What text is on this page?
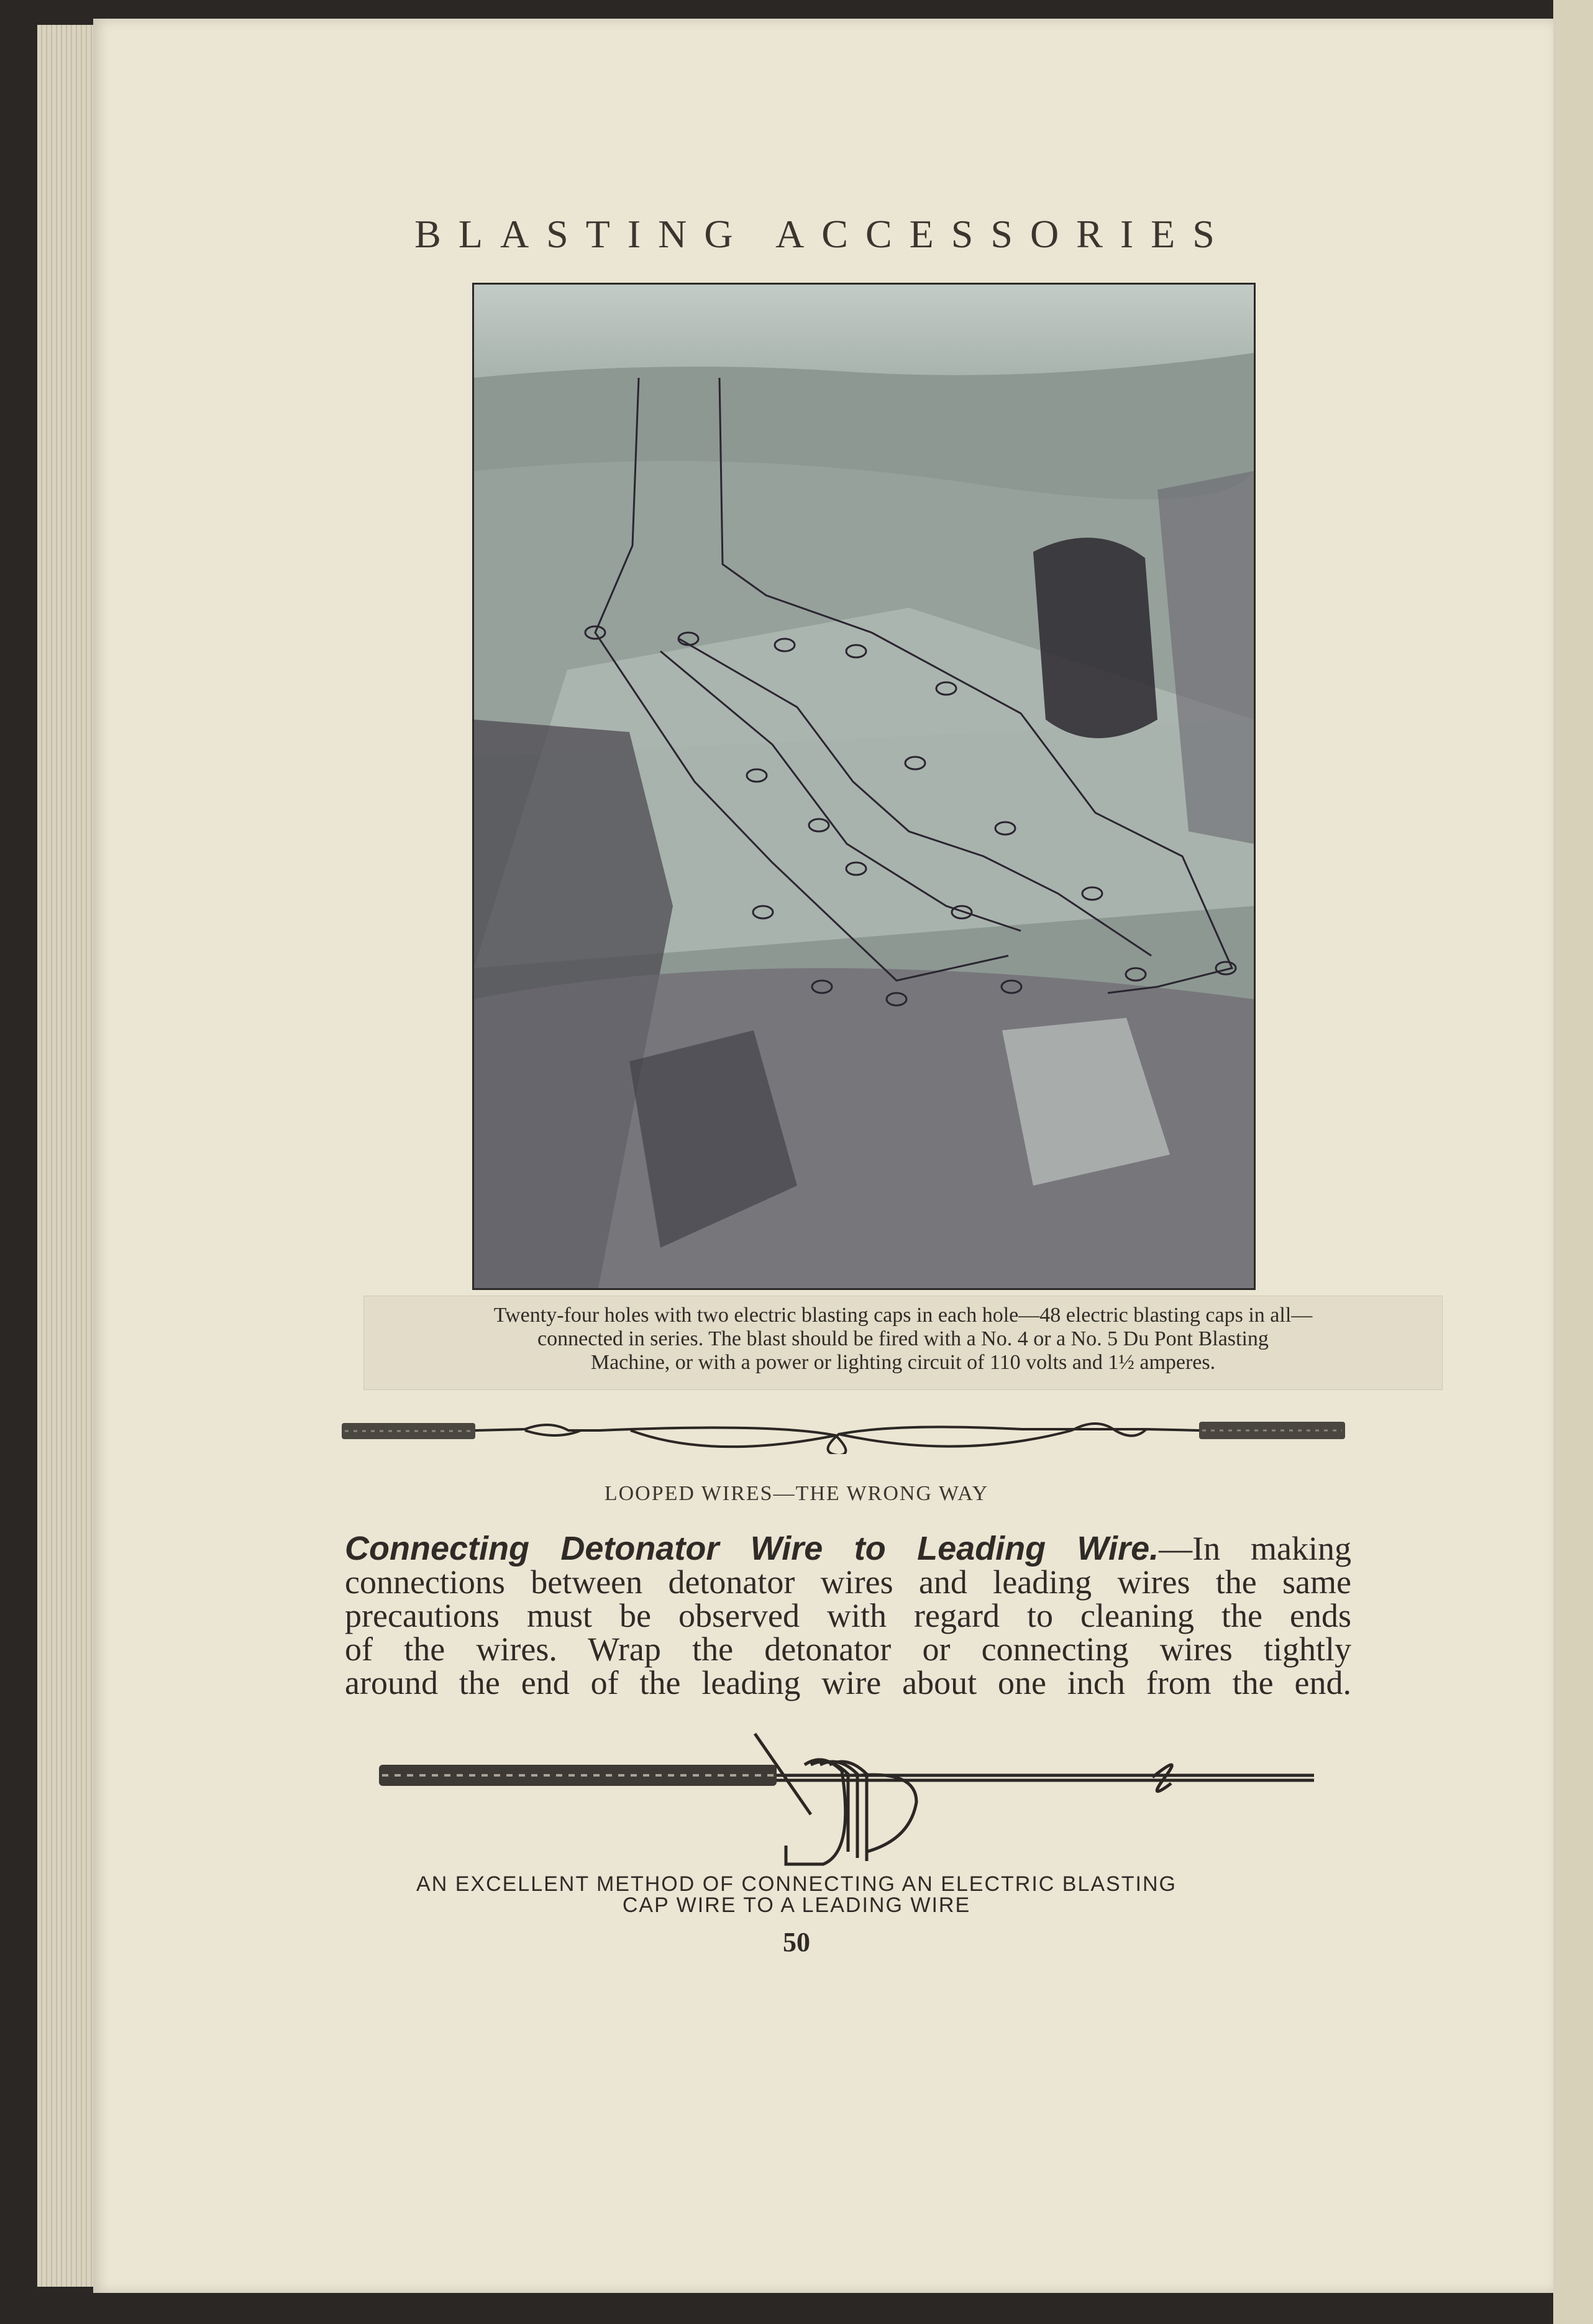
BLASTING ACCESSORIES
Twenty-four holes with two electric blasting caps in each hole—48 electric blasting caps in all—
connected in series. The blast should be fired with a No. 4 or a No. 5 Du Pont Blasting
Machine, or with a power or lighting circuit of 110 volts and 1½ amperes.
LOOPED WIRES—THE WRONG WAY
Connecting Detonator Wire to Leading Wire.—In making
connections between detonator wires and leading wires the same
precautions must be observed with regard to cleaning the ends
of the wires. Wrap the detonator or connecting wires tightly
around the end of the leading wire about one inch from the end.
AN EXCELLENT METHOD OF CONNECTING AN ELECTRIC BLASTING
CAP WIRE TO A LEADING WIRE
50
